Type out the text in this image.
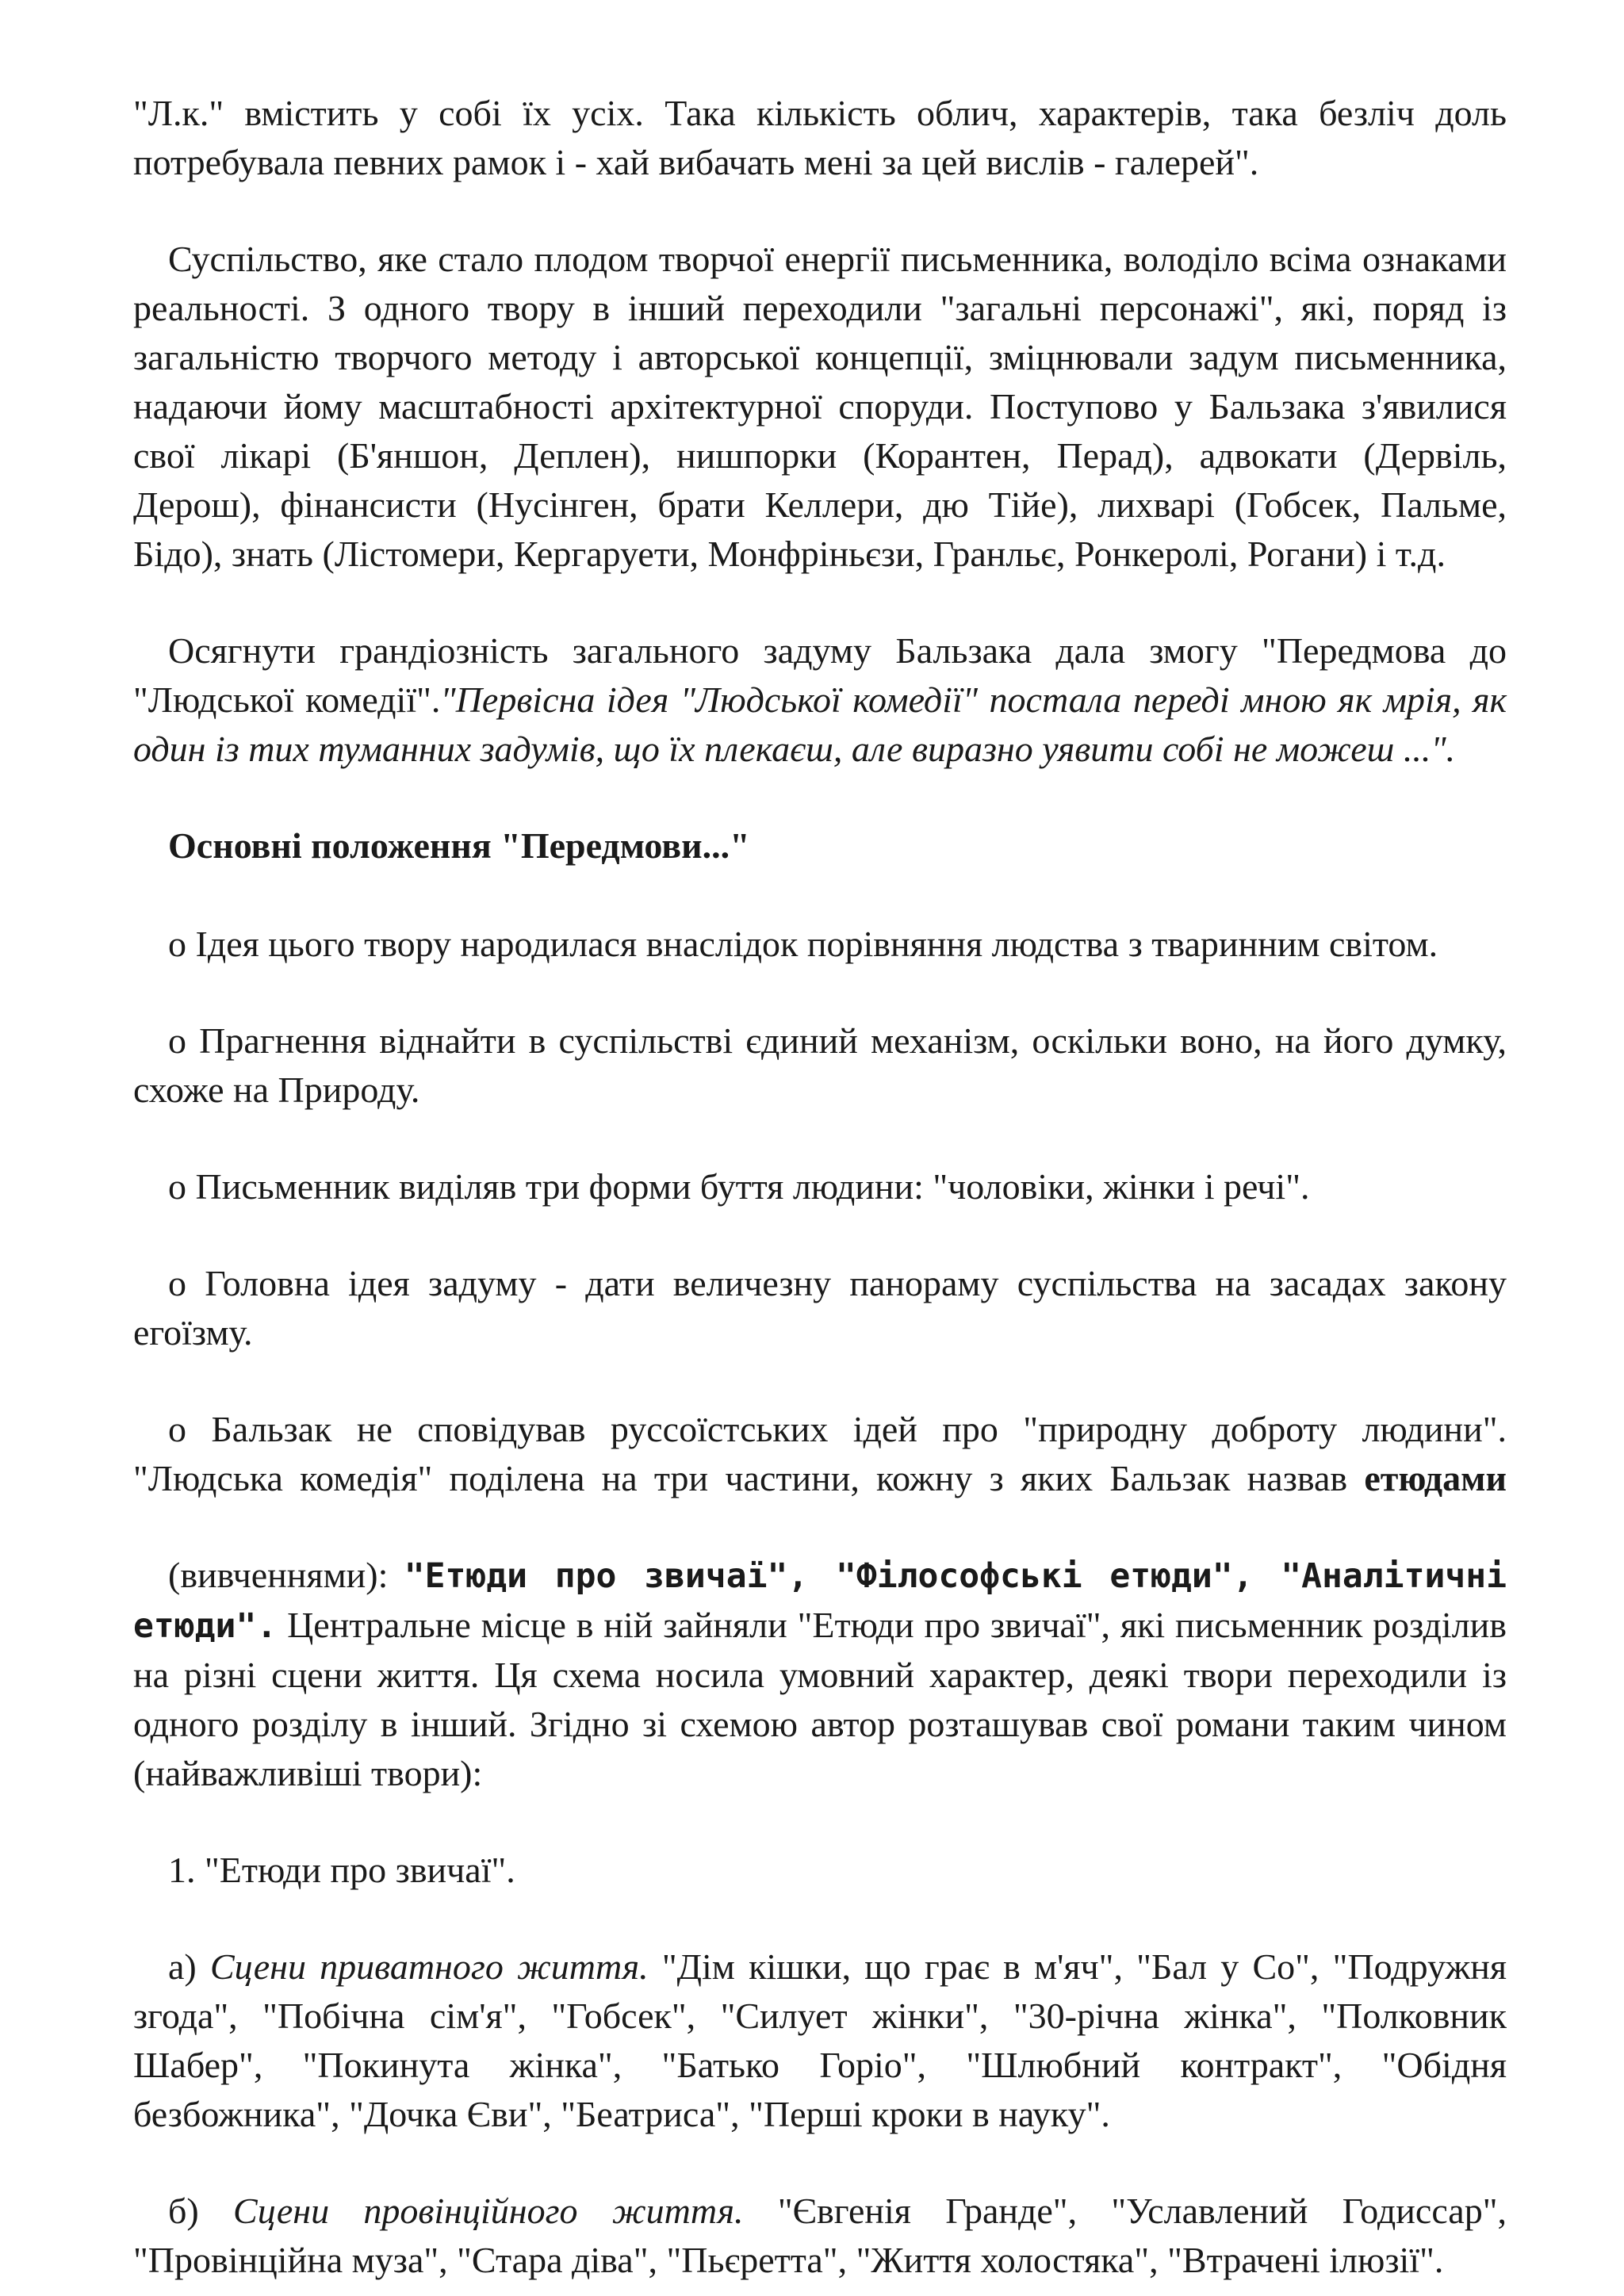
"Л.к." вмістить у собі їх усіх. Така кількість облич, характерів, така безліч доль потребувала певних рамок і - хай вибачать мені за цей вислів - галерей".

Суспільство, яке стало плодом творчої енергії письменника, володіло всіма ознаками реальності. З одного твору в інший переходили "загальні персонажі", які, поряд із загальністю творчого методу і авторської концепції, зміцнювали задум письменника, надаючи йому масштабності архітектурної споруди. Поступово у Бальзака з'явилися свої лікарі (Б'яншон, Деплен), нишпорки (Корантен, Перад), адвокати (Дервіль, Дерош), фінансисти (Нусінген, брати Келлери, дю Тійе), лихварі (Гобсек, Пальме, Бідо), знать (Лістомери, Кергаруети, Монфріньєзи, Гранльє, Ронкеролі, Рогани) і т.д.

Осягнути грандіозність загального задуму Бальзака дала змогу "Передмова до "Людської комедії"."Первісна ідея "Людської комедії" постала переді мною як мрія, як один із тих туманних задумів, що їх плекаєш, але виразно уявити собі не можеш ...".

Основні положення "Передмови..."

о Ідея цього твору народилася внаслідок порівняння людства з тваринним світом.

о Прагнення віднайти в суспільстві єдиний механізм, оскільки воно, на його думку, схоже на Природу.

о Письменник виділяв три форми буття людини: "чоловіки, жінки і речі".

о Головна ідея задуму - дати величезну панораму суспільства на засадах закону егоїзму.

о Бальзак не сповідував руссоїстських ідей про "природну доброту людини". "Людська комедія" поділена на три частини, кожну з яких Бальзак назвав етюдами

(вивченнями): "Етюди про звичаї", "Філософські етюди", "Аналітичні етюди". Центральне місце в ній зайняли "Етюди про звичаї", які письменник розділив на різні сцени життя. Ця схема носила умовний характер, деякі твори переходили із одного розділу в інший. Згідно зі схемою автор розташував свої романи таким чином (найважливіші твори):

1. "Етюди про звичаї".

а) Сцени приватного життя. "Дім кішки, що грає в м'яч", "Бал у Со", "Подружня згода", "Побічна сім'я", "Гобсек", "Силует жінки", "30-річна жінка", "Полковник Шабер", "Покинута жінка", "Батько Горіо", "Шлюбний контракт", "Обідня безбожника", "Дочка Єви", "Беатриса", "Перші кроки в науку".

б) Сцени провінційного життя. "Євгенія Гранде", "Уславлений Годиссар", "Провінційна муза", "Стара діва", "Пьєретта", "Життя холостяка", "Втрачені ілюзії".
